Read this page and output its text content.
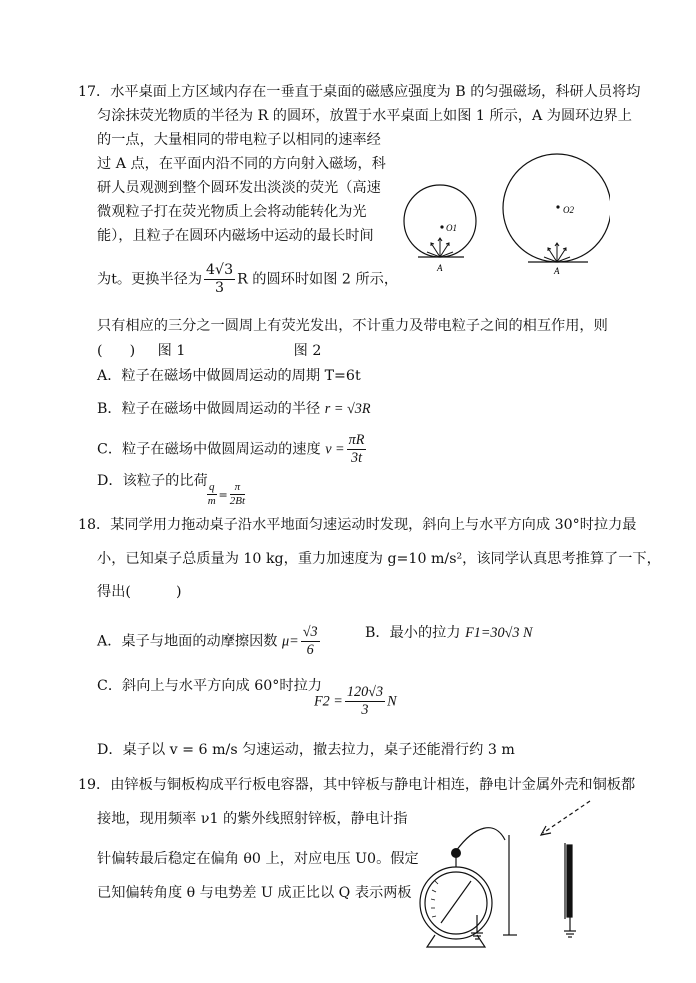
17．水平桌面上方区域内存在一垂直于桌面的磁感应强度为 B 的匀强磁场，科研人员将均
匀涂抹荧光物质的半径为 R 的圆环，放置于水平桌面上如图 1 所示，A 为圆环边界上
的一点，大量相同的带电粒子以相同的速率经
过 A 点，在平面内沿不同的方向射入磁场，科
研人员观测到整个圆环发出淡淡的荧光（高速
微观粒子打在荧光物质上会将动能转化为光
能），且粒子在圆环内磁场中运动的最长时间
为t。更换半径为 $\frac{4√3}{3}$ R 的圆环时如图 2 所示，
只有相应的三分之一圆周上有荧光发出，不计重力及带电粒子之间的相互作用，则
(      )     图 1                        图 2
A．粒子在磁场中做圆周运动的周期 T=6t
B．粒子在磁场中做圆周运动的半径 r = √3R
C．粒子在磁场中做圆周运动的速度 $v = \frac{\pi R}{3t}$
D．该粒子的比荷 $\frac{q}{m} = \frac{\pi}{2Bt}$
O1
A
O2
A
18．某同学用力拖动桌子沿水平地面匀速运动时发现，斜向上与水平方向成 30°时拉力最
小，已知桌子总质量为 10 kg，重力加速度为 g=10 m/s²，该同学认真思考推算了一下，
得出(          )
A．桌子与地面的动摩擦因数 $\mu= \frac{√3}{6}$	B．最小的拉力 F1=30√3 N
C．斜向上与水平方向成 60°时拉力
$F2 = \frac{120√3}{3}$ N
D．桌子以 v = 6 m/s 匀速运动，撤去拉力，桌子还能滑行约 3 m
19．由锌板与铜板构成平行板电容器，其中锌板与静电计相连，静电计金属外壳和铜板都
接地，现用频率 ν1 的紫外线照射锌板，静电计指
针偏转最后稳定在偏角 θ0 上，对应电压 U0。假定
已知偏转角度 θ 与电势差 U 成正比以 Q 表示两板
